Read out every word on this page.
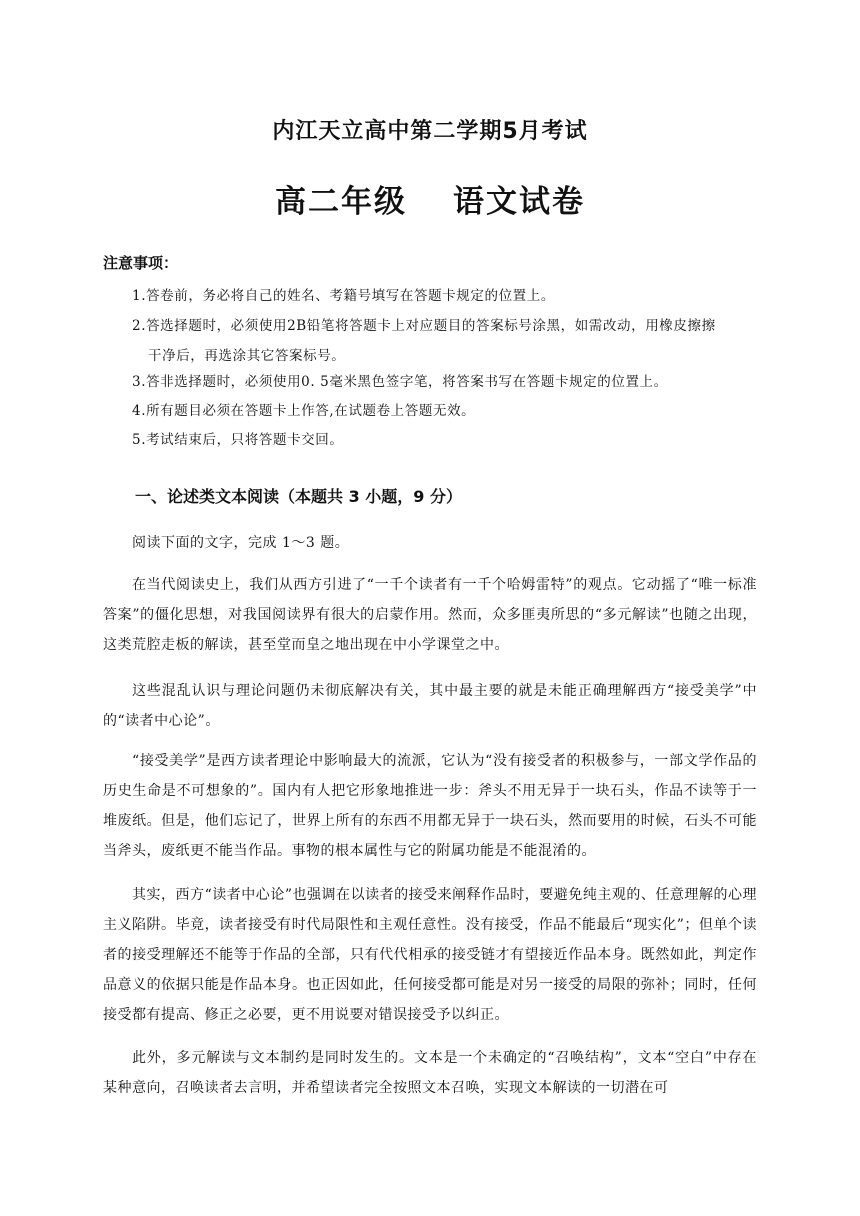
内江天立高中第二学期5月考试
高二年级 语文试卷
注意事项：
1.答卷前，务必将自己的姓名、考籍号填写在答题卡规定的位置上。
2.答选择题时，必须使用2B铅笔将答题卡上对应题目的答案标号涂黑，如需改动，用橡皮擦擦
干净后，再选涂其它答案标号。
3.答非选择题时，必须使用0. 5毫米黑色签字笔，将答案书写在答题卡规定的位置上。
4.所有题目必须在答题卡上作答,在试题卷上答题无效。
5.考试结束后，只将答题卡交回。
一、论述类文本阅读（本题共 3 小题，9 分）
阅读下面的文字，完成 1～3 题。
在当代阅读史上，我们从西方引进了“一千个读者有一千个哈姆雷特”的观点。它动摇了“唯一标准答案”的僵化思想，对我国阅读界有很大的启蒙作用。然而，众多匪夷所思的“多元解读”也随之出现，这类荒腔走板的解读，甚至堂而皇之地出现在中小学课堂之中。
这些混乱认识与理论问题仍未彻底解决有关，其中最主要的就是未能正确理解西方“接受美学”中的“读者中心论”。
“接受美学”是西方读者理论中影响最大的流派，它认为“没有接受者的积极参与，一部文学作品的历史生命是不可想象的”。国内有人把它形象地推进一步：斧头不用无异于一块石头，作品不读等于一堆废纸。但是，他们忘记了，世界上所有的东西不用都无异于一块石头，然而要用的时候，石头不可能当斧头，废纸更不能当作品。事物的根本属性与它的附属功能是不能混淆的。
其实，西方“读者中心论”也强调在以读者的接受来阐释作品时，要避免纯主观的、任意理解的心理主义陷阱。毕竟，读者接受有时代局限性和主观任意性。没有接受，作品不能最后“现实化”；但单个读者的接受理解还不能等于作品的全部，只有代代相承的接受链才有望接近作品本身。既然如此，判定作品意义的依据只能是作品本身。也正因如此，任何接受都可能是对另一接受的局限的弥补；同时，任何接受都有提高、修正之必要，更不用说要对错误接受予以纠正。
此外，多元解读与文本制约是同时发生的。文本是一个未确定的“召唤结构”，文本“空白”中存在某种意向，召唤读者去言明，并希望读者完全按照文本召唤，实现文本解读的一切潜在可
